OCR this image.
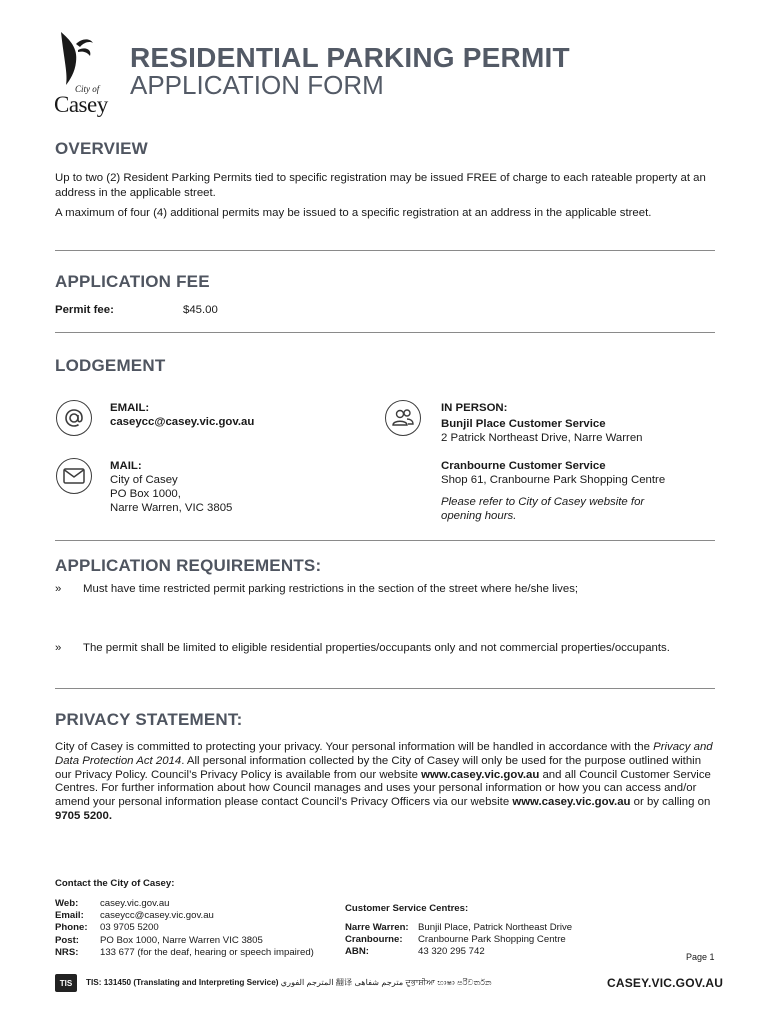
City of
Casey
RESIDENTIAL PARKING PERMIT
APPLICATION FORM
OVERVIEW

Up to two (2) Resident Parking Permits tied to specific registration may be issued FREE of charge to each rateable property at an address in the applicable street.

A maximum of four (4) additional permits may be issued to a specific registration at an address in the applicable street.

APPLICATION FEE
Permit fee:	$45.00
LODGEMENT
EMAIL:
caseycc@casey.vic.gov.au
MAIL:
City of Casey
PO Box 1000,
Narre Warren, VIC 3805
IN PERSON:
Bunjil Place Customer Service
2 Patrick Northeast Drive, Narre Warren
Cranbourne Customer Service
Shop 61, Cranbourne Park Shopping Centre
Please refer to City of Casey website for
opening hours.
APPLICATION REQUIREMENTS:
» Must have time restricted permit parking restrictions in the section of the street where he/she lives;
» The permit shall be limited to eligible residential properties/occupants only and not commercial properties/occupants.
PRIVACY STATEMENT:

City of Casey is committed to protecting your privacy. Your personal information will be handled in accordance with the Privacy and Data Protection Act 2014. All personal information collected by the City of Casey will only be used for the purpose outlined within our Privacy Policy. Council’s Privacy Policy is available from our website www.casey.vic.gov.au and all Council Customer Service Centres. For further information about how Council manages and uses your personal information or how you can access and/or amend your personal information please contact Council’s Privacy Officers via our website www.casey.vic.gov.au or by calling on 9705 5200.

Contact the City of Casey:
Web:	casey.vic.gov.au
Email:	caseycc@casey.vic.gov.au
Phone:	03 9705 5200
Post:	PO Box 1000, Narre Warren VIC 3805
NRS:	133 677 (for the deaf, hearing or speech impaired)
Customer Service Centres:
Narre Warren: Bunjil Place, Patrick Northeast Drive
Cranbourne:	Cranbourne Park Shopping Centre
ABN:	43 320 295 742	Page 1
TIS	TIS: 131450 (Translating and Interpreting Service) المترجم الفوري 翻译 مترجم شفاهی ਦੁਭਾਸ਼ੀਆ භාෂා පරිවර්තන	CASEY.VIC.GOV.AU
